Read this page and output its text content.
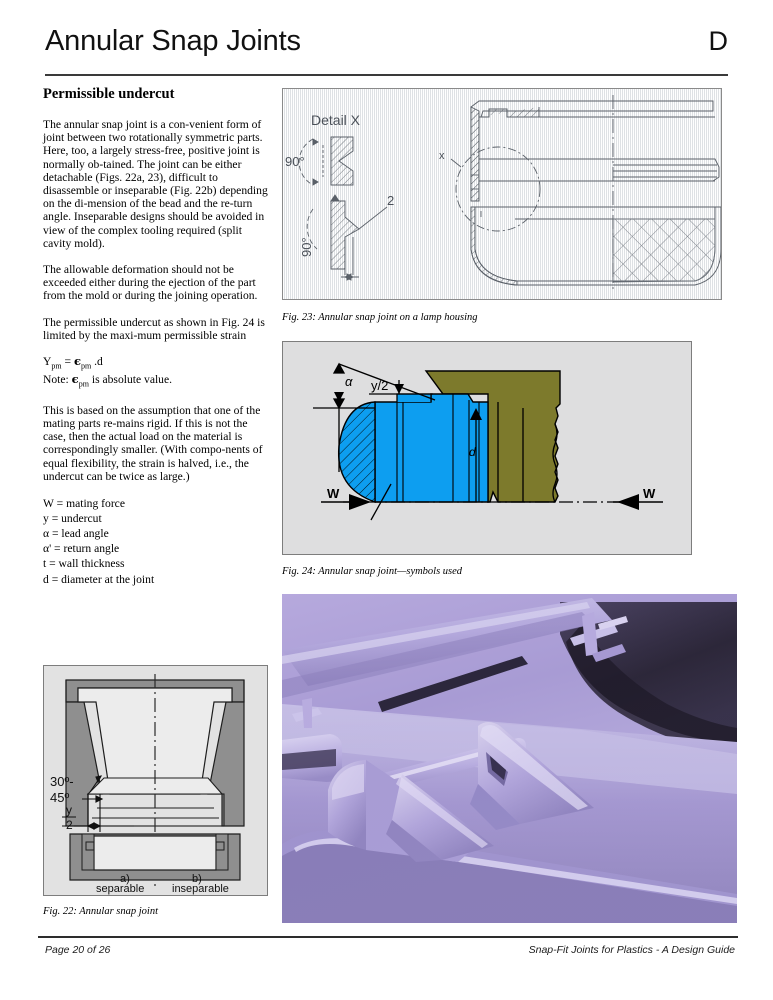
Annular Snap Joints	D
Permissible undercut

The annular snap joint is a con-venient form of joint between two rotationally symmetric parts. Here, too, a largely stress-free, positive joint is normally ob-tained. The joint can be either detachable (Figs. 22a, 23), difficult to disassemble or inseparable (Fig. 22b) depending on the di-mension of the bead and the re-turn angle. Inseparable designs should be avoided in view of the complex tooling required (split cavity mold).

The allowable deformation should not be exceeded either during the ejection of the part from the mold or during the joining operation.

The permissible undercut as shown in Fig. 24 is limited by the maxi-mum permissible strain

$Y_{pm} = \epsilon_{pm}$ .d
Note: $\epsilon_{pm}$ is absolute value.

This is based on the assumption that one of the mating parts re-mains rigid. If this is not the case, then the actual load on the material is correspondingly smaller. (With compo-nents of equal flexibility, the strain is halved, i.e., the undercut can be twice as large.)

W = mating force
y = undercut
α = lead angle
α' = return angle
t = wall thickness
d = diameter at the joint
30º-
45º
y
2
a)
separable
b)
inseparable
Fig. 22: Annular snap joint
Detail X
90°
90°
2
x
Fig. 23: Annular snap joint on a lamp housing
α y/2
d
W	W
Fig. 24: Annular snap joint—symbols used
Page 20 of 26	Snap-Fit Joints for Plastics - A Design Guide
